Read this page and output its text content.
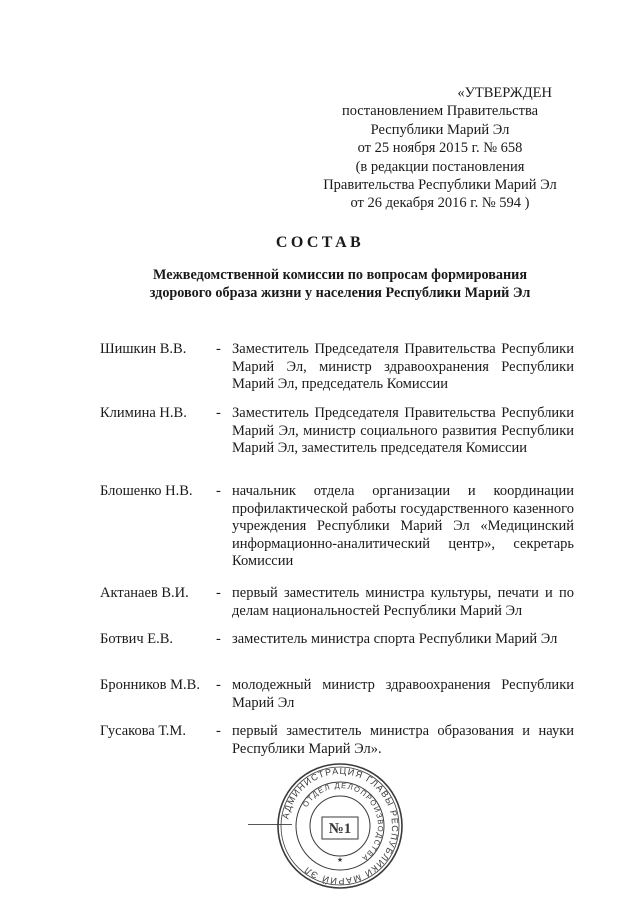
«УТВЕРЖДЕН
постановлением Правительства
Республики Марий Эл
от 25 ноября 2015 г. № 658
(в редакции постановления
Правительства Республики Марий Эл
от 26 декабря 2016 г. № 594 )
СОСТАВ
Межведомственной комиссии по вопросам формирования
здорового образа жизни у населения Республики Марий Эл
Шишкин В.В.	- Заместитель Председателя Правительства Республики Марий Эл, министр здравоохранения Республики Марий Эл, председатель Комиссии
Климина Н.В.	- Заместитель Председателя Правительства Республики Марий Эл, министр социального развития Республики Марий Эл, заместитель председателя Комиссии
Блошенко Н.В.	- начальник отдела организации и координации профилактической работы государственного казенного учреждения Республики Марий Эл «Медицинский информационно-аналитический центр», секретарь Комиссии
Актанаев В.И.	- первый заместитель министра культуры, печати и по делам национальностей Республики Марий Эл
Ботвич Е.В.	- заместитель министра спорта Республики Марий Эл
Бронников М.В.	- молодежный министр здравоохранения Республики Марий Эл
Гусакова Т.М.	- первый заместитель министра образования и науки Республики Марий Эл».
АДМИНИСТРАЦИЯ ГЛАВЫ РЕСПУБЛИКИ МАРИЙ ЭЛ
ОТДЕЛ ДЕЛОПРОИЗВОДСТВА
№1
★
